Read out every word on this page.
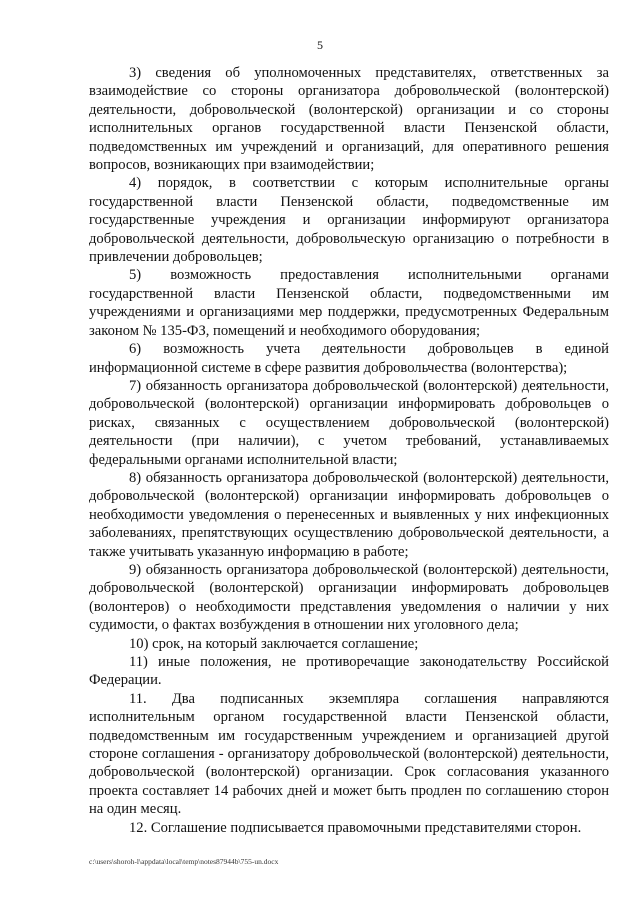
5

3) сведения об уполномоченных представителях, ответственных за взаимодействие со стороны организатора добровольческой (волонтерской) деятельности, добровольческой (волонтерской) организации и со стороны исполнительных органов государственной власти Пензенской области, подведомственных им учреждений и организаций, для оперативного решения вопросов, возникающих при взаимодействии;

4) порядок, в соответствии с которым исполнительные органы государственной власти Пензенской области, подведомственные им государственные учреждения и организации информируют организатора добровольческой деятельности, добровольческую организацию о потребности в привлечении добровольцев;

5) возможность предоставления исполнительными органами государственной власти Пензенской области, подведомственными им учреждениями и организациями мер поддержки, предусмотренных Федеральным законом № 135-ФЗ, помещений и необходимого оборудования;

6) возможность учета деятельности добровольцев в единой информационной системе в сфере развития добровольчества (волонтерства);

7) обязанность организатора добровольческой (волонтерской) деятельности, добровольческой (волонтерской) организации информировать добровольцев о рисках, связанных с осуществлением добровольческой (волонтерской) деятельности (при наличии), с учетом требований, устанавливаемых федеральными органами исполнительной власти;

8) обязанность организатора добровольческой (волонтерской) деятельности, добровольческой (волонтерской) организации информировать добровольцев о необходимости уведомления о перенесенных и выявленных у них инфекционных заболеваниях, препятствующих осуществлению добровольческой деятельности, а также учитывать указанную информацию в работе;

9) обязанность организатора добровольческой (волонтерской) деятельности, добровольческой (волонтерской) организации информировать добровольцев (волонтеров) о необходимости представления уведомления о наличии у них судимости, о фактах возбуждения в отношении них уголовного дела;

10) срок, на который заключается соглашение;

11) иные положения, не противоречащие законодательству Российской Федерации.

11. Два подписанных экземпляра соглашения направляются исполнительным органом государственной власти Пензенской области, подведомственным им государственным учреждением и организацией другой стороне соглашения - организатору добровольческой (волонтерской) деятельности, добровольческой (волонтерской) организации. Срок согласования указанного проекта составляет 14 рабочих дней и может быть продлен по соглашению сторон на один месяц.

12. Соглашение подписывается правомочными представителями сторон.

c:\users\shoroh-l\appdata\local\temp\notes87944b\755-un.docx
